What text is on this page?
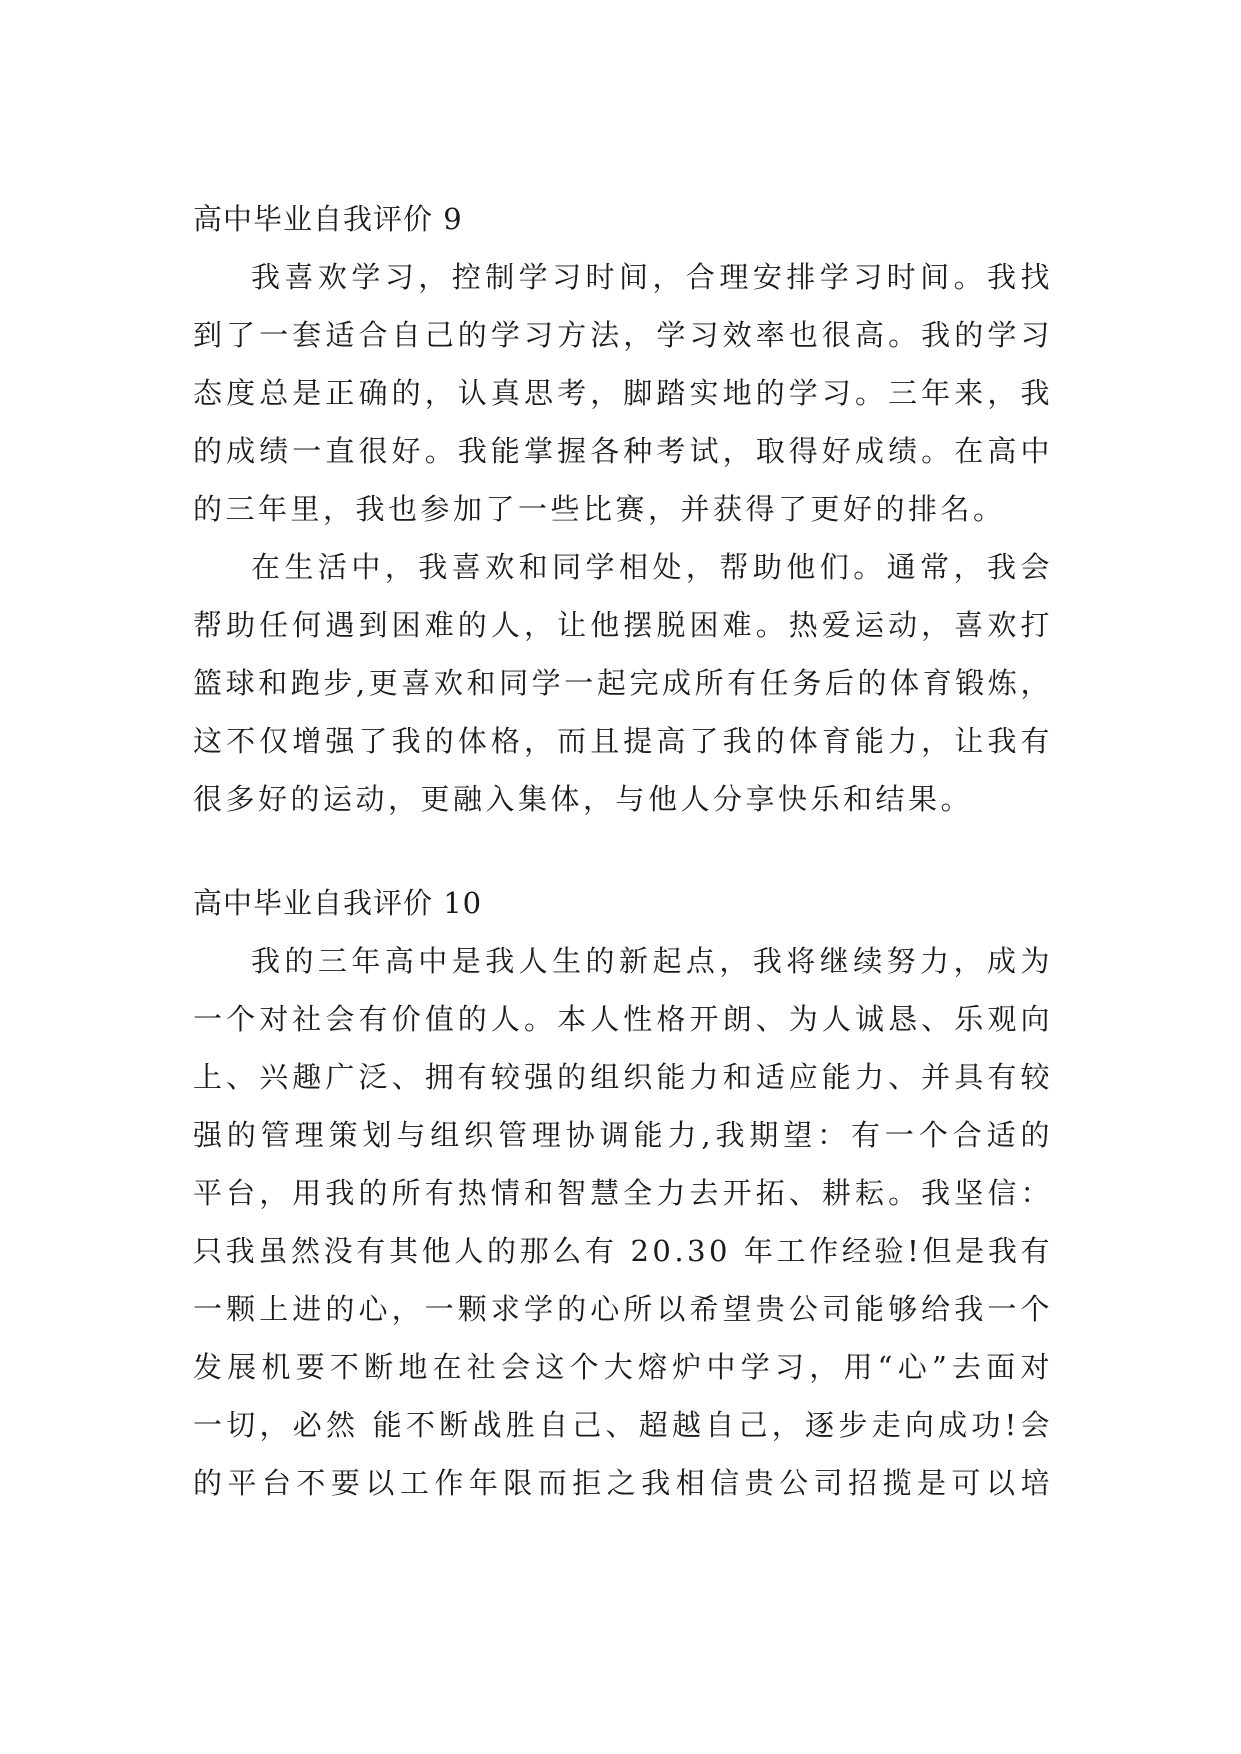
高中毕业自我评价 9
我喜欢学习，控制学习时间，合理安排学习时间。我找
到了一套适合自己的学习方法，学习效率也很高。我的学习
态度总是正确的，认真思考，脚踏实地的学习。三年来，我
的成绩一直很好。我能掌握各种考试，取得好成绩。在高中
的三年里，我也参加了一些比赛，并获得了更好的排名。
在生活中，我喜欢和同学相处，帮助他们。通常，我会
帮助任何遇到困难的人，让他摆脱困难。热爱运动，喜欢打
篮球和跑步,更喜欢和同学一起完成所有任务后的体育锻炼，
这不仅增强了我的体格，而且提高了我的体育能力，让我有
很多好的运动，更融入集体，与他人分享快乐和结果。
高中毕业自我评价 10
我的三年高中是我人生的新起点，我将继续努力，成为
一个对社会有价值的人。本人性格开朗、为人诚恳、乐观向
上、兴趣广泛、拥有较强的组织能力和适应能力、并具有较
强的管理策划与组织管理协调能力,我期望：有一个合适的
平台，用我的所有热情和智慧全力去开拓、耕耘。我坚信：
只我虽然没有其他人的那么有 20.30 年工作经验!但是我有
一颗上进的心，一颗求学的心所以希望贵公司能够给我一个
发展机要不断地在社会这个大熔炉中学习，用“心”去面对
一切，必然 能不断战胜自己、超越自己，逐步走向成功!会
的平台不要以工作年限而拒之我相信贵公司招揽是可以培
